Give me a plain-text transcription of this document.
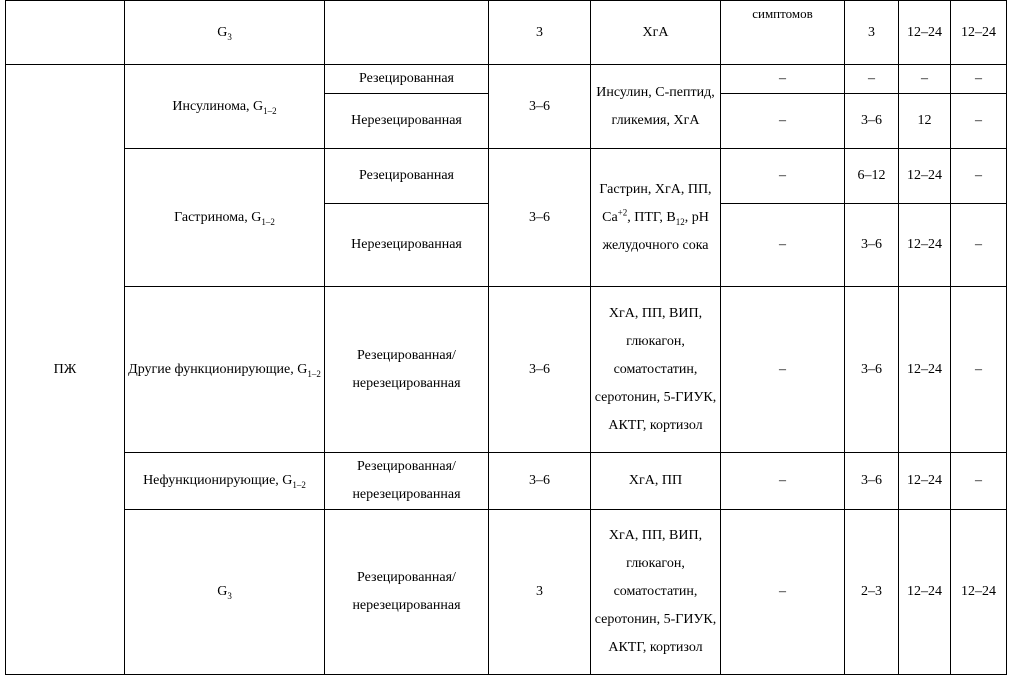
	$G_3$		3	ХгА	симптомов	3	12–24	12–24
ПЖ	Инсулинома, $G_{1-2}$	Резецированная	3–6	Инсулин, С-пептид, гликемия, ХгА	–	–	–	–
		Нерезецированная			–	3–6	12	–
	Гастринома, $G_{1-2}$	Резецированная	3–6	Гастрин, ХгА, ПП, $Са^{+2}$, ПТГ, $В_{12}$, рН желудочного сока	–	6–12	12–24	–
		Нерезецированная			–	3–6	12–24	–
	Другие функционирующие, $G_{1-2}$	Резецированная/нерезецированная	3–6	ХгА, ПП, ВИП, глюкагон, соматостатин, серотонин, 5-ГИУК, АКТГ, кортизол	–	3–6	12–24	–
	Нефункционирующие, $G_{1-2}$	Резецированная/нерезецированная	3–6	ХгА, ПП	–	3–6	12–24	–
	$G_3$	Резецированная/нерезецированная	3	ХгА, ПП, ВИП, глюкагон, соматостатин, серотонин, 5-ГИУК, АКТГ, кортизол	–	2–3	12–24	12–24
